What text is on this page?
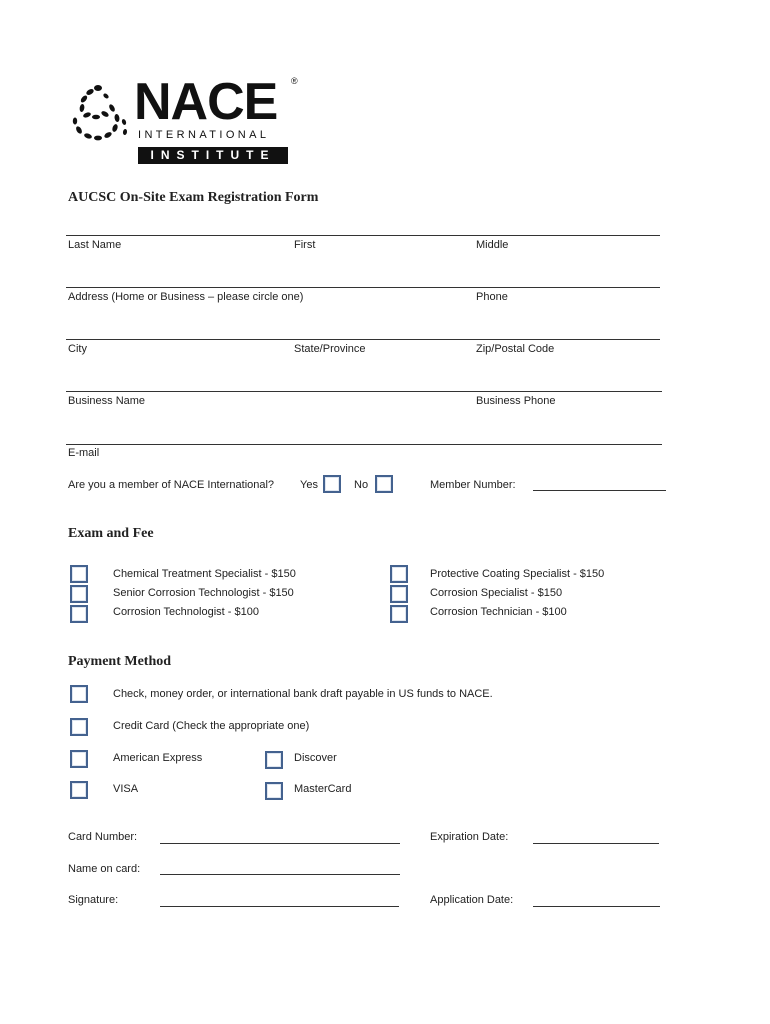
NACE ®
INTERNATIONAL
INSTITUTE
AUCSC On-Site Exam Registration Form
Last Name	First	Middle
Address (Home or Business – please circle one)	Phone
City	State/Province	Zip/Postal Code
Business Name	Business Phone
E-mail
Are you a member of NACE International? Yes	No	Member Number:
Exam and Fee
Chemical Treatment Specialist - $150
Senior Corrosion Technologist - $150
Corrosion Technologist - $100
Protective Coating Specialist - $150
Corrosion Specialist - $150
Corrosion Technician - $100
Payment Method
Check, money order, or international bank draft payable in US funds to NACE.
Credit Card (Check the appropriate one)
American Express	Discover
VISA	MasterCard
Card Number:	Expiration Date:
Name on card:
Signature:	Application Date:
